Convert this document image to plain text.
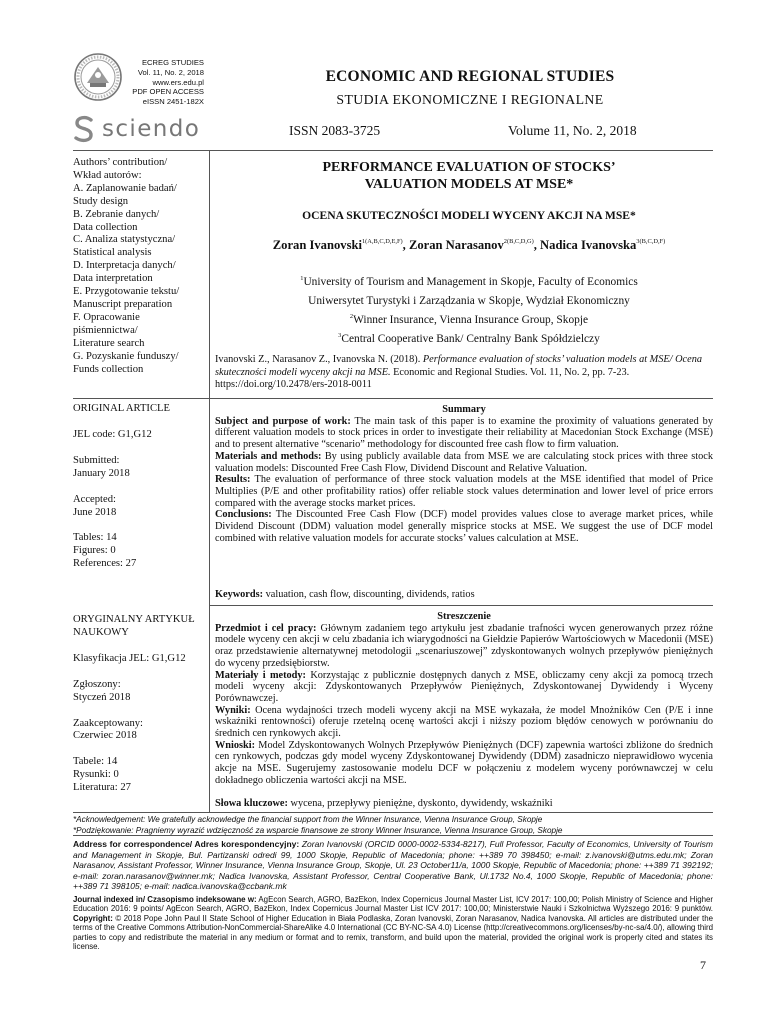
ECREG STUDIES
Vol. 11, No. 2, 2018
www.ers.edu.pl
PDF OPEN ACCESS
eISSN 2451-182X
sciendo
ECONOMIC AND REGIONAL STUDIES
STUDIA EKONOMICZNE I REGIONALNE
ISSN 2083-3725	Volume 11, No. 2, 2018

Authors’ contribution/

Wkład autorów:

A. Zaplanowanie badań/

Study design

B. Zebranie danych/

Data collection

C. Analiza statystyczna/

Statistical analysis

D. Interpretacja danych/

Data interpretation

E. Przygotowanie tekstu/

Manuscript preparation

F. Opracowanie

piśmiennictwa/

Literature search

G. Pozyskanie funduszy/

Funds collection

ORIGINAL ARTICLE

JEL code: G1,G12

Submitted:

January 2018

Accepted:

June 2018

Tables: 14

Figures: 0

References: 27

ORYGINALNY ARTYKUŁ

NAUKOWY

Klasyfikacja JEL: G1,G12

Zgłoszony:

Styczeń 2018

Zaakceptowany:

Czerwiec 2018

Tabele: 14

Rysunki: 0

Literatura: 27

PERFORMANCE EVALUATION OF STOCKS’
VALUATION MODELS AT MSE*
OCENA SKUTECZNOŚCI MODELI WYCENY AKCJI NA MSE*
Zoran Ivanovski$^{1(A,B,C,D,E,F)}$, Zoran Narasanov$^{2(B,C,D,G)}$, Nadica Ivanovska$^{3(B,C,D,F)}$
$^1$University of Tourism and Management in Skopje, Faculty of Economics
Uniwersytet Turystyki i Zarządzania w Skopje, Wydział Ekonomiczny
$^2$Winner Insurance, Vienna Insurance Group, Skopje
$^3$Central Cooperative Bank/ Centralny Bank Spółdzielczy
Ivanovski Z., Narasanov Z., Ivanovska N. (2018). Performance evaluation of stocks’ valuation models at MSE/ Ocena skuteczności modeli wyceny akcji na MSE. Economic and Regional Studies. Vol. 11, No. 2, pp. 7-23. https://doi.org/10.2478/ers-2018-0011

Summary

Subject and purpose of work: The main task of this paper is to examine the proximity of valuations generated by different valuation models to stock prices in order to investigate their reliability at Macedonian Stock Exchange (MSE) and to present alternative “scenario” methodology for discounted free cash flow to firm valuation.

Materials and methods: By using publicly available data from MSE we are calculating stock prices with three stock valuation models: Discounted Free Cash Flow, Dividend Discount and Relative Valuation.

Results: The evaluation of performance of three stock valuation models at the MSE identified that model of Price Multiplies (P/E and other profitability ratios) offer reliable stock values determination and lower level of price errors compared with the average stocks market prices.

Conclusions: The Discounted Free Cash Flow (DCF) model provides values close to average market prices, while Dividend Discount (DDM) valuation model generally misprice stocks at MSE. We suggest the use of DCF model combined with relative valuation models for accurate stocks’ values calculation at MSE.

Keywords: valuation, cash flow, discounting, dividends, ratios

Streszczenie

Przedmiot i cel pracy: Głównym zadaniem tego artykułu jest zbadanie trafności wycen generowanych przez różne modele wyceny cen akcji w celu zbadania ich wiarygodności na Giełdzie Papierów Wartościowych w Macedonii (MSE) oraz przedstawienie alternatywnej metodologii „scenariuszowej” zdyskontowanych wolnych przepływów pieniężnych do wyceny przedsiębiorstw.

Materiały i metody: Korzystając z publicznie dostępnych danych z MSE, obliczamy ceny akcji za pomocą trzech modeli wyceny akcji: Zdyskontowanych Przepływów Pieniężnych, Zdyskontowanej Dywidendy i Wyceny Porównawczej.

Wyniki: Ocena wydajności trzech modeli wyceny akcji na MSE wykazała, że model Mnożników Cen (P/E i inne wskaźniki rentowności) oferuje rzetelną ocenę wartości akcji i niższy poziom błędów cenowych w porównaniu do średnich cen rynkowych akcji.

Wnioski: Model Zdyskontowanych Wolnych Przepływów Pieniężnych (DCF) zapewnia wartości zbliżone do średnich cen rynkowych, podczas gdy model wyceny Zdyskontowanej Dywidendy (DDM) zasadniczo nieprawidłowo wycenia akcje na MSE. Sugerujemy zastosowanie modelu DCF w połączeniu z modelem wyceny porównawczej w celu dokładnego obliczenia wartości akcji na MSE.

Słowa kluczowe: wycena, przepływy pieniężne, dyskonto, dywidendy, wskaźniki
*Acknowledgement: We gratefully acknowledge the financial support from the Winner Insurance, Vienna Insurance Group, Skopje
*Podziękowanie: Pragniemy wyrazić wdzięczność za wsparcie finansowe ze strony Winner Insurance, Vienna Insurance Group, Skopje
Address for correspondence/ Adres korespondencyjny: Zoran Ivanovski (ORCID 0000-0002-5334-8217), Full Professor, Faculty of Economics, University of Tourism and Management in Skopje, Bul. Partizanski odredi 99, 1000 Skopje, Republic of Macedonia; phone: ++389 70 398450; e-mail: z.ivanovski@utms.edu.mk; Zoran Narasanov, Assistant Professor, Winner Insurance, Vienna Insurance Group, Skopje, Ul. 23 October11/a, 1000 Skopje, Republic of Macedonia; phone: ++389 71 392192; e-mail: zoran.narasanov@winner.mk; Nadica Ivanovska, Assistant Professor, Central Cooperative Bank, Ul.1732 No.4, 1000 Skopje, Republic of Macedonia; phone: ++389 71 398105; e-mail: nadica.ivanovska@ccbank.mk
Journal indexed in/ Czasopismo indeksowane w: AgEcon Search, AGRO, BazEkon, Index Copernicus Journal Master List, ICV 2017: 100,00; Polish Ministry of Science and Higher Education 2016: 9 points/ AgEcon Search, AGRO, BazEkon, Index Copernicus Journal Master List ICV 2017: 100,00; Ministerstwie Nauki i Szkolnictwa Wyższego 2016: 9 punktów. Copyright: © 2018 Pope John Paul II State School of Higher Education in Biała Podlaska, Zoran Ivanovski, Zoran Narasanov, Nadica Ivanovska. All articles are distributed under the terms of the Creative Commons Attribution-NonCommercial-ShareAlike 4.0 International (CC BY-NC-SA 4.0) License (http://creativecommons.org/licenses/by-nc-sa/4.0/), allowing third parties to copy and redistribute the material in any medium or format and to remix, transform, and build upon the material, provided the original work is properly cited and states its license.
7
